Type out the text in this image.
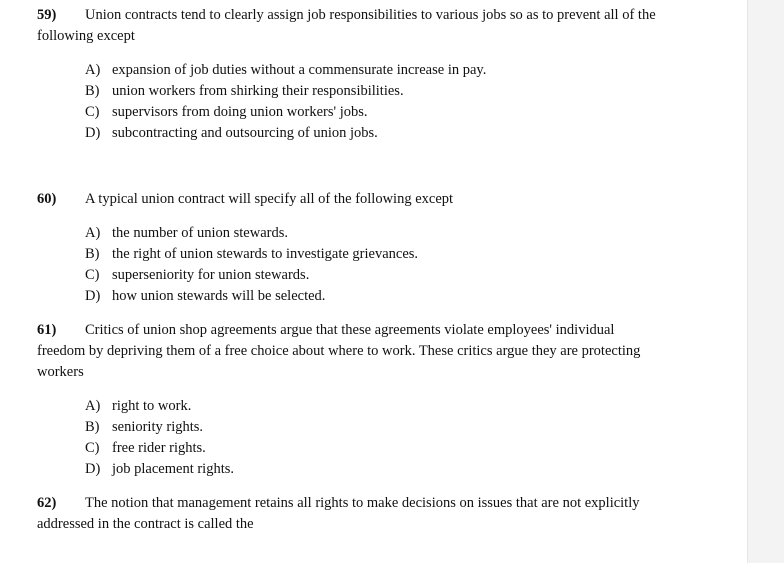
59) Union contracts tend to clearly assign job responsibilities to various jobs so as to prevent all of the following except
A) expansion of job duties without a commensurate increase in pay.
B) union workers from shirking their responsibilities.
C) supervisors from doing union workers' jobs.
D) subcontracting and outsourcing of union jobs.
60) A typical union contract will specify all of the following except
A) the number of union stewards.
B) the right of union stewards to investigate grievances.
C) superseniority for union stewards.
D) how union stewards will be selected.
61) Critics of union shop agreements argue that these agreements violate employees' individual freedom by depriving them of a free choice about where to work. These critics argue they are protecting workers
A) right to work.
B) seniority rights.
C) free rider rights.
D) job placement rights.
62) The notion that management retains all rights to make decisions on issues that are not explicitly addressed in the contract is called the
